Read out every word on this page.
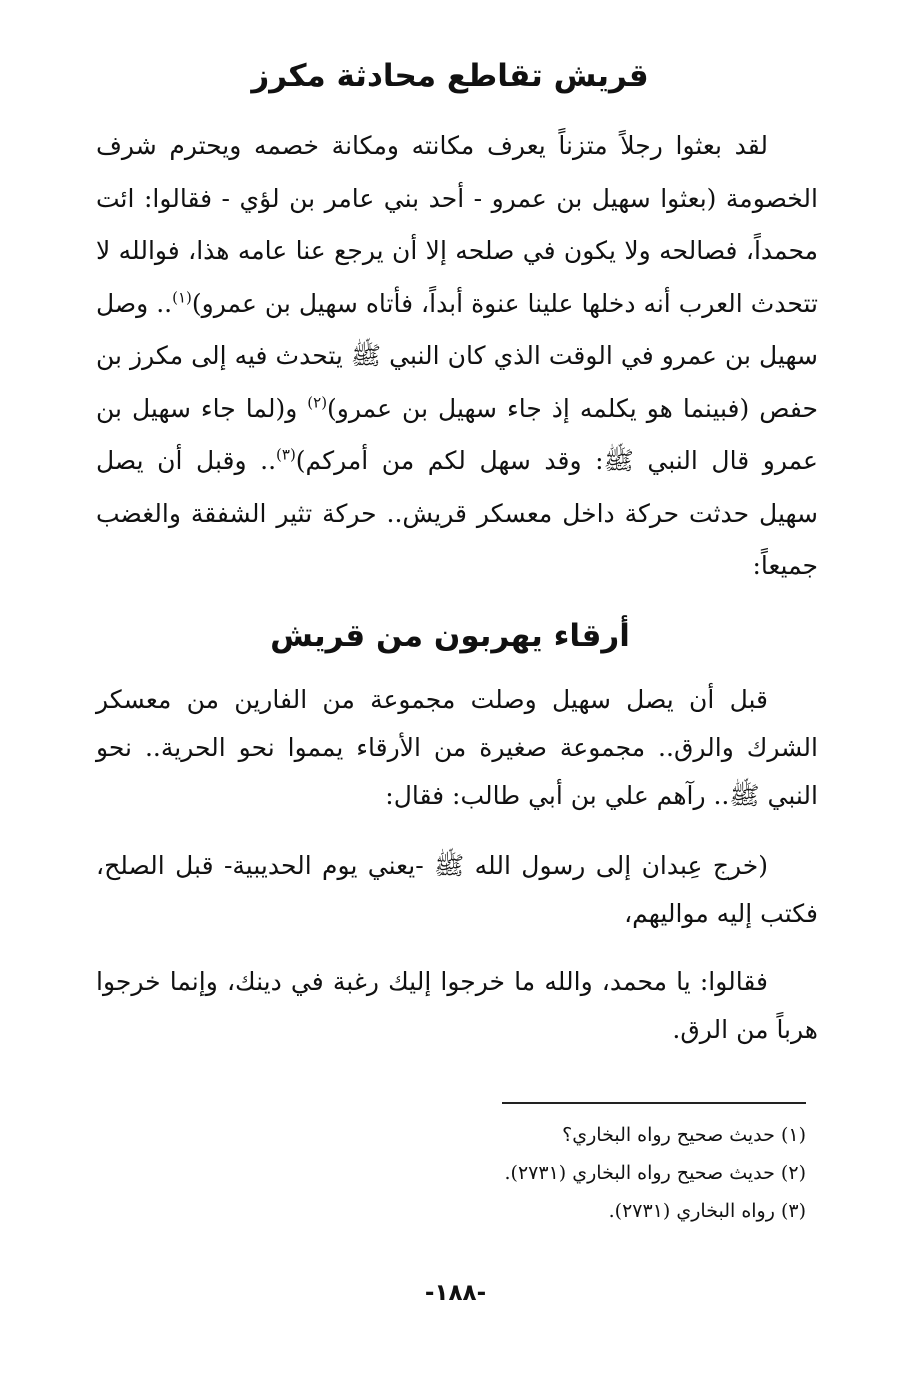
قريش تقاطع محادثة مكرز

لقد بعثوا رجلاً متزناً يعرف مكانته ومكانة خصمه ويحترم شرف الخصومة (بعثوا سهيل بن عمرو - أحد بني عامر بن لؤي - فقالوا: ائت محمداً، فصالحه ولا يكون في صلحه إلا أن يرجع عنا عامه هذا، فوالله لا تتحدث العرب أنه دخلها علينا عنوة أبداً، فأتاه سهيل بن عمرو)$^{(١)}$.. وصل سهيل بن عمرو في الوقت الذي كان النبي ﷺ يتحدث فيه إلى مكرز بن حفص (فبينما هو يكلمه إذ جاء سهيل بن عمرو)$^{(٢)}$ و(لما جاء سهيل بن عمرو قال النبي ﷺ: وقد سهل لكم من أمركم)$^{(٣)}$.. وقبل أن يصل سهيل حدثت حركة داخل معسكر قريش.. حركة تثير الشفقة والغضب جميعاً:

أرقاء يهربون من قريش

قبل أن يصل سهيل وصلت مجموعة من الفارين من معسكر الشرك والرق.. مجموعة صغيرة من الأرقاء يمموا نحو الحرية.. نحو النبي ﷺ.. رآهم علي بن أبي طالب: فقال:

(خرج عِبدان إلى رسول الله ﷺ -يعني يوم الحديبية- قبل الصلح، فكتب إليه مواليهم،

فقالوا: يا محمد، والله ما خرجوا إليك رغبة في دينك، وإنما خرجوا هرباً من الرق.

(١) حديث صحيح رواه البخاري؟
(٢) حديث صحيح رواه البخاري (٢٧٣١).
(٣) رواه البخاري (٢٧٣١).
-١٨٨-
